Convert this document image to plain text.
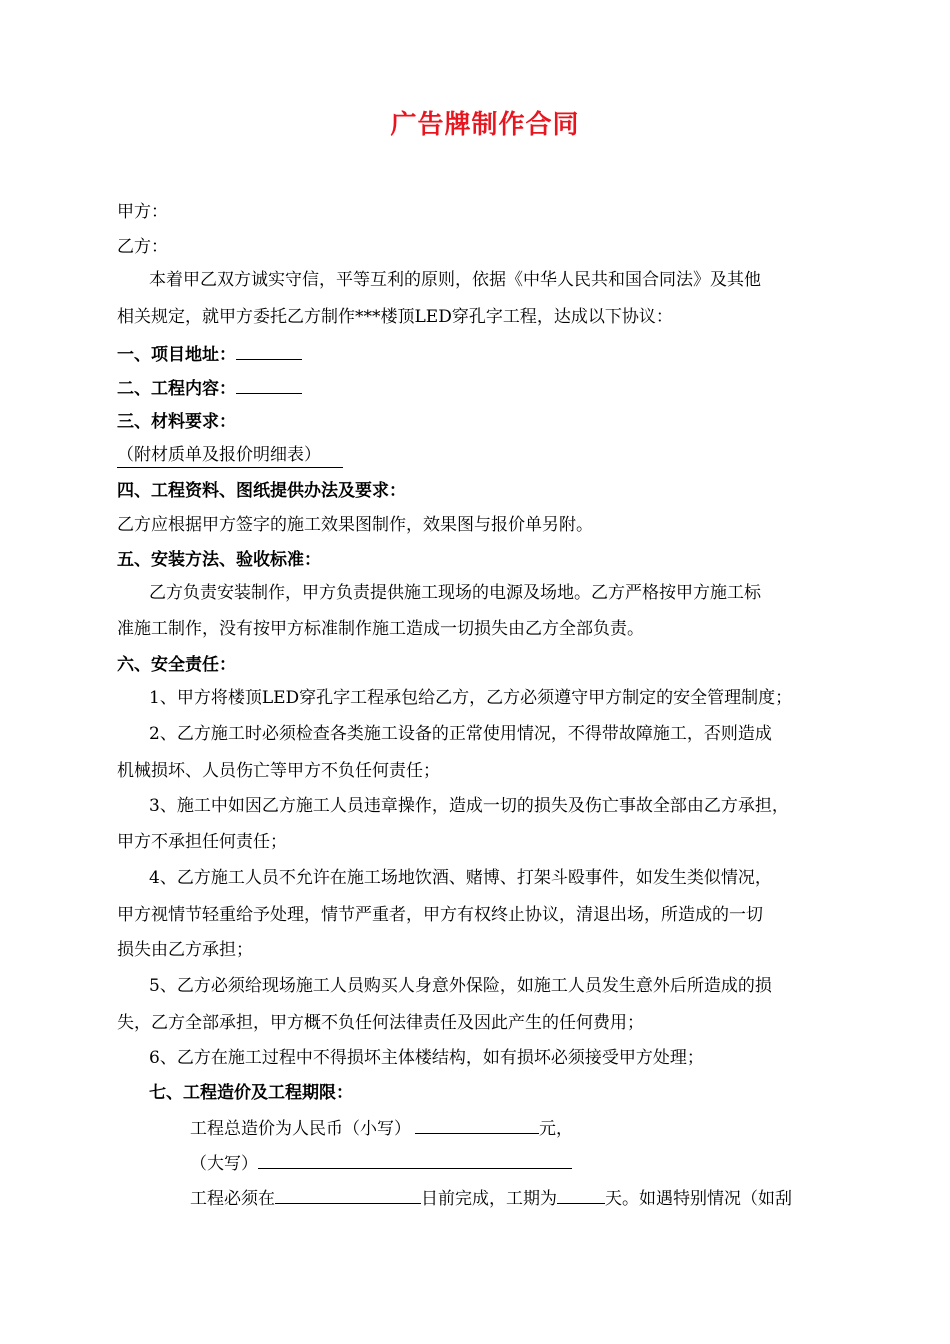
广告牌制作合同
甲方：
乙方：
本着甲乙双方诚实守信，平等互利的原则，依据《中华人民共和国合同法》及其他
相关规定，就甲方委托乙方制作***楼顶LED穿孔字工程，达成以下协议：
一、项目地址：
二、工程内容：
三、材料要求：
（附材质单及报价明细表）
四、工程资料、图纸提供办法及要求：
乙方应根据甲方签字的施工效果图制作，效果图与报价单另附。
五、安装方法、验收标准：
乙方负责安装制作，甲方负责提供施工现场的电源及场地。乙方严格按甲方施工标
准施工制作，没有按甲方标准制作施工造成一切损失由乙方全部负责。
六、安全责任：
1、甲方将楼顶LED穿孔字工程承包给乙方，乙方必须遵守甲方制定的安全管理制度；
2、乙方施工时必须检查各类施工设备的正常使用情况，不得带故障施工，否则造成
机械损坏、人员伤亡等甲方不负任何责任；
3、施工中如因乙方施工人员违章操作，造成一切的损失及伤亡事故全部由乙方承担，
甲方不承担任何责任；
4、乙方施工人员不允许在施工场地饮酒、赌博、打架斗殴事件，如发生类似情况，
甲方视情节轻重给予处理，情节严重者，甲方有权终止协议，清退出场，所造成的一切
损失由乙方承担；
5、乙方必须给现场施工人员购买人身意外保险，如施工人员发生意外后所造成的损
失，乙方全部承担，甲方概不负任何法律责任及因此产生的任何费用；
6、乙方在施工过程中不得损坏主体楼结构，如有损坏必须接受甲方处理；
七、工程造价及工程期限：
工程总造价为人民币（小写）	元，
（大写）
工程必须在	日前完成，工期为	天。如遇特别情况（如刮
